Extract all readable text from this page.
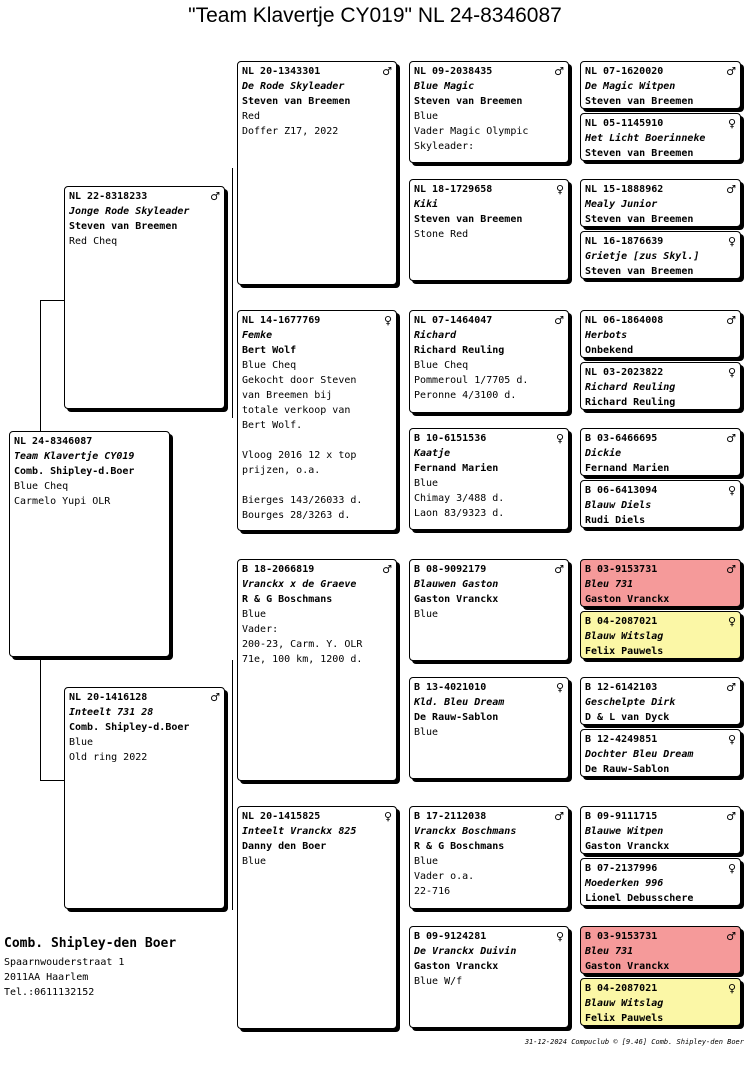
"Team Klavertje CY019" NL 24-8346087
NL 24-8346087
Team Klavertje CY019
Comb. Shipley-d.Boer
Blue Cheq
Carmelo Yupi OLR
NL 22-8318233	♂
Jonge Rode Skyleader
Steven van Breemen
Red Cheq
NL 20-1416128	♂
Inteelt 731 28
Comb. Shipley-d.Boer
Blue
Old ring 2022
NL 20-1343301	♂
De Rode Skyleader
Steven van Breemen
Red
Doffer Z17, 2022
NL 14-1677769	♀
Femke
Bert Wolf
Blue Cheq
Gekocht door Steven
van Breemen bij
totale verkoop van
Bert Wolf.
Vloog 2016 12 x top
prijzen, o.a.
Bierges 143/26033 d.
Bourges 28/3263 d.
B 18-2066819	♂
Vranckx x de Graeve
R & G Boschmans
Blue
Vader:
200-23, Carm. Y. OLR
71e, 100 km, 1200 d.
NL 20-1415825	♀
Inteelt Vranckx 825
Danny den Boer
Blue
NL 09-2038435	♂
Blue Magic
Steven van Breemen
Blue
Vader Magic Olympic
Skyleader:
NL 18-1729658	♀
Kiki
Steven van Breemen
Stone Red
NL 07-1464047	♂
Richard
Richard Reuling
Blue Cheq
Pommeroul 1/7705 d.
Peronne 4/3100 d.
B 10-6151536	♀
Kaatje
Fernand Marien
Blue
Chimay 3/488 d.
Laon 83/9323 d.
B 08-9092179	♂
Blauwen Gaston
Gaston Vranckx
Blue
B 13-4021010	♀
Kld. Bleu Dream
De Rauw-Sablon
Blue
B 17-2112038	♂
Vranckx Boschmans
R & G Boschmans
Blue
Vader o.a.
22-716
B 09-9124281	♀
De Vranckx Duivin
Gaston Vranckx
Blue W/f
NL 07-1620020	♂
De Magic Witpen
Steven van Breemen
NL 05-1145910	♀
Het Licht Boerinneke
Steven van Breemen
NL 15-1888962	♂
Mealy Junior
Steven van Breemen
NL 16-1876639	♀
Grietje [zus Skyl.]
Steven van Breemen
NL 06-1864008	♂
Herbots
Onbekend
NL 03-2023822	♀
Richard Reuling
Richard Reuling
B 03-6466695	♂
Dickie
Fernand Marien
B 06-6413094	♀
Blauw Diels
Rudi Diels
B 03-9153731	♂
Bleu 731
Gaston Vranckx
B 04-2087021	♀
Blauw Witslag
Felix Pauwels
B 12-6142103	♂
Geschelpte Dirk
D & L van Dyck
B 12-4249851	♀
Dochter Bleu Dream
De Rauw-Sablon
B 09-9111715	♂
Blauwe Witpen
Gaston Vranckx
B 07-2137996	♀
Moederken 996
Lionel Debusschere
B 03-9153731	♂
Bleu 731
Gaston Vranckx
B 04-2087021	♀
Blauw Witslag
Felix Pauwels
Comb. Shipley-den Boer
Spaarnwouderstraat 1
2011AA Haarlem
Tel.:0611132152
31-12-2024 Compuclub © [9.46] Comb. Shipley-den Boer
